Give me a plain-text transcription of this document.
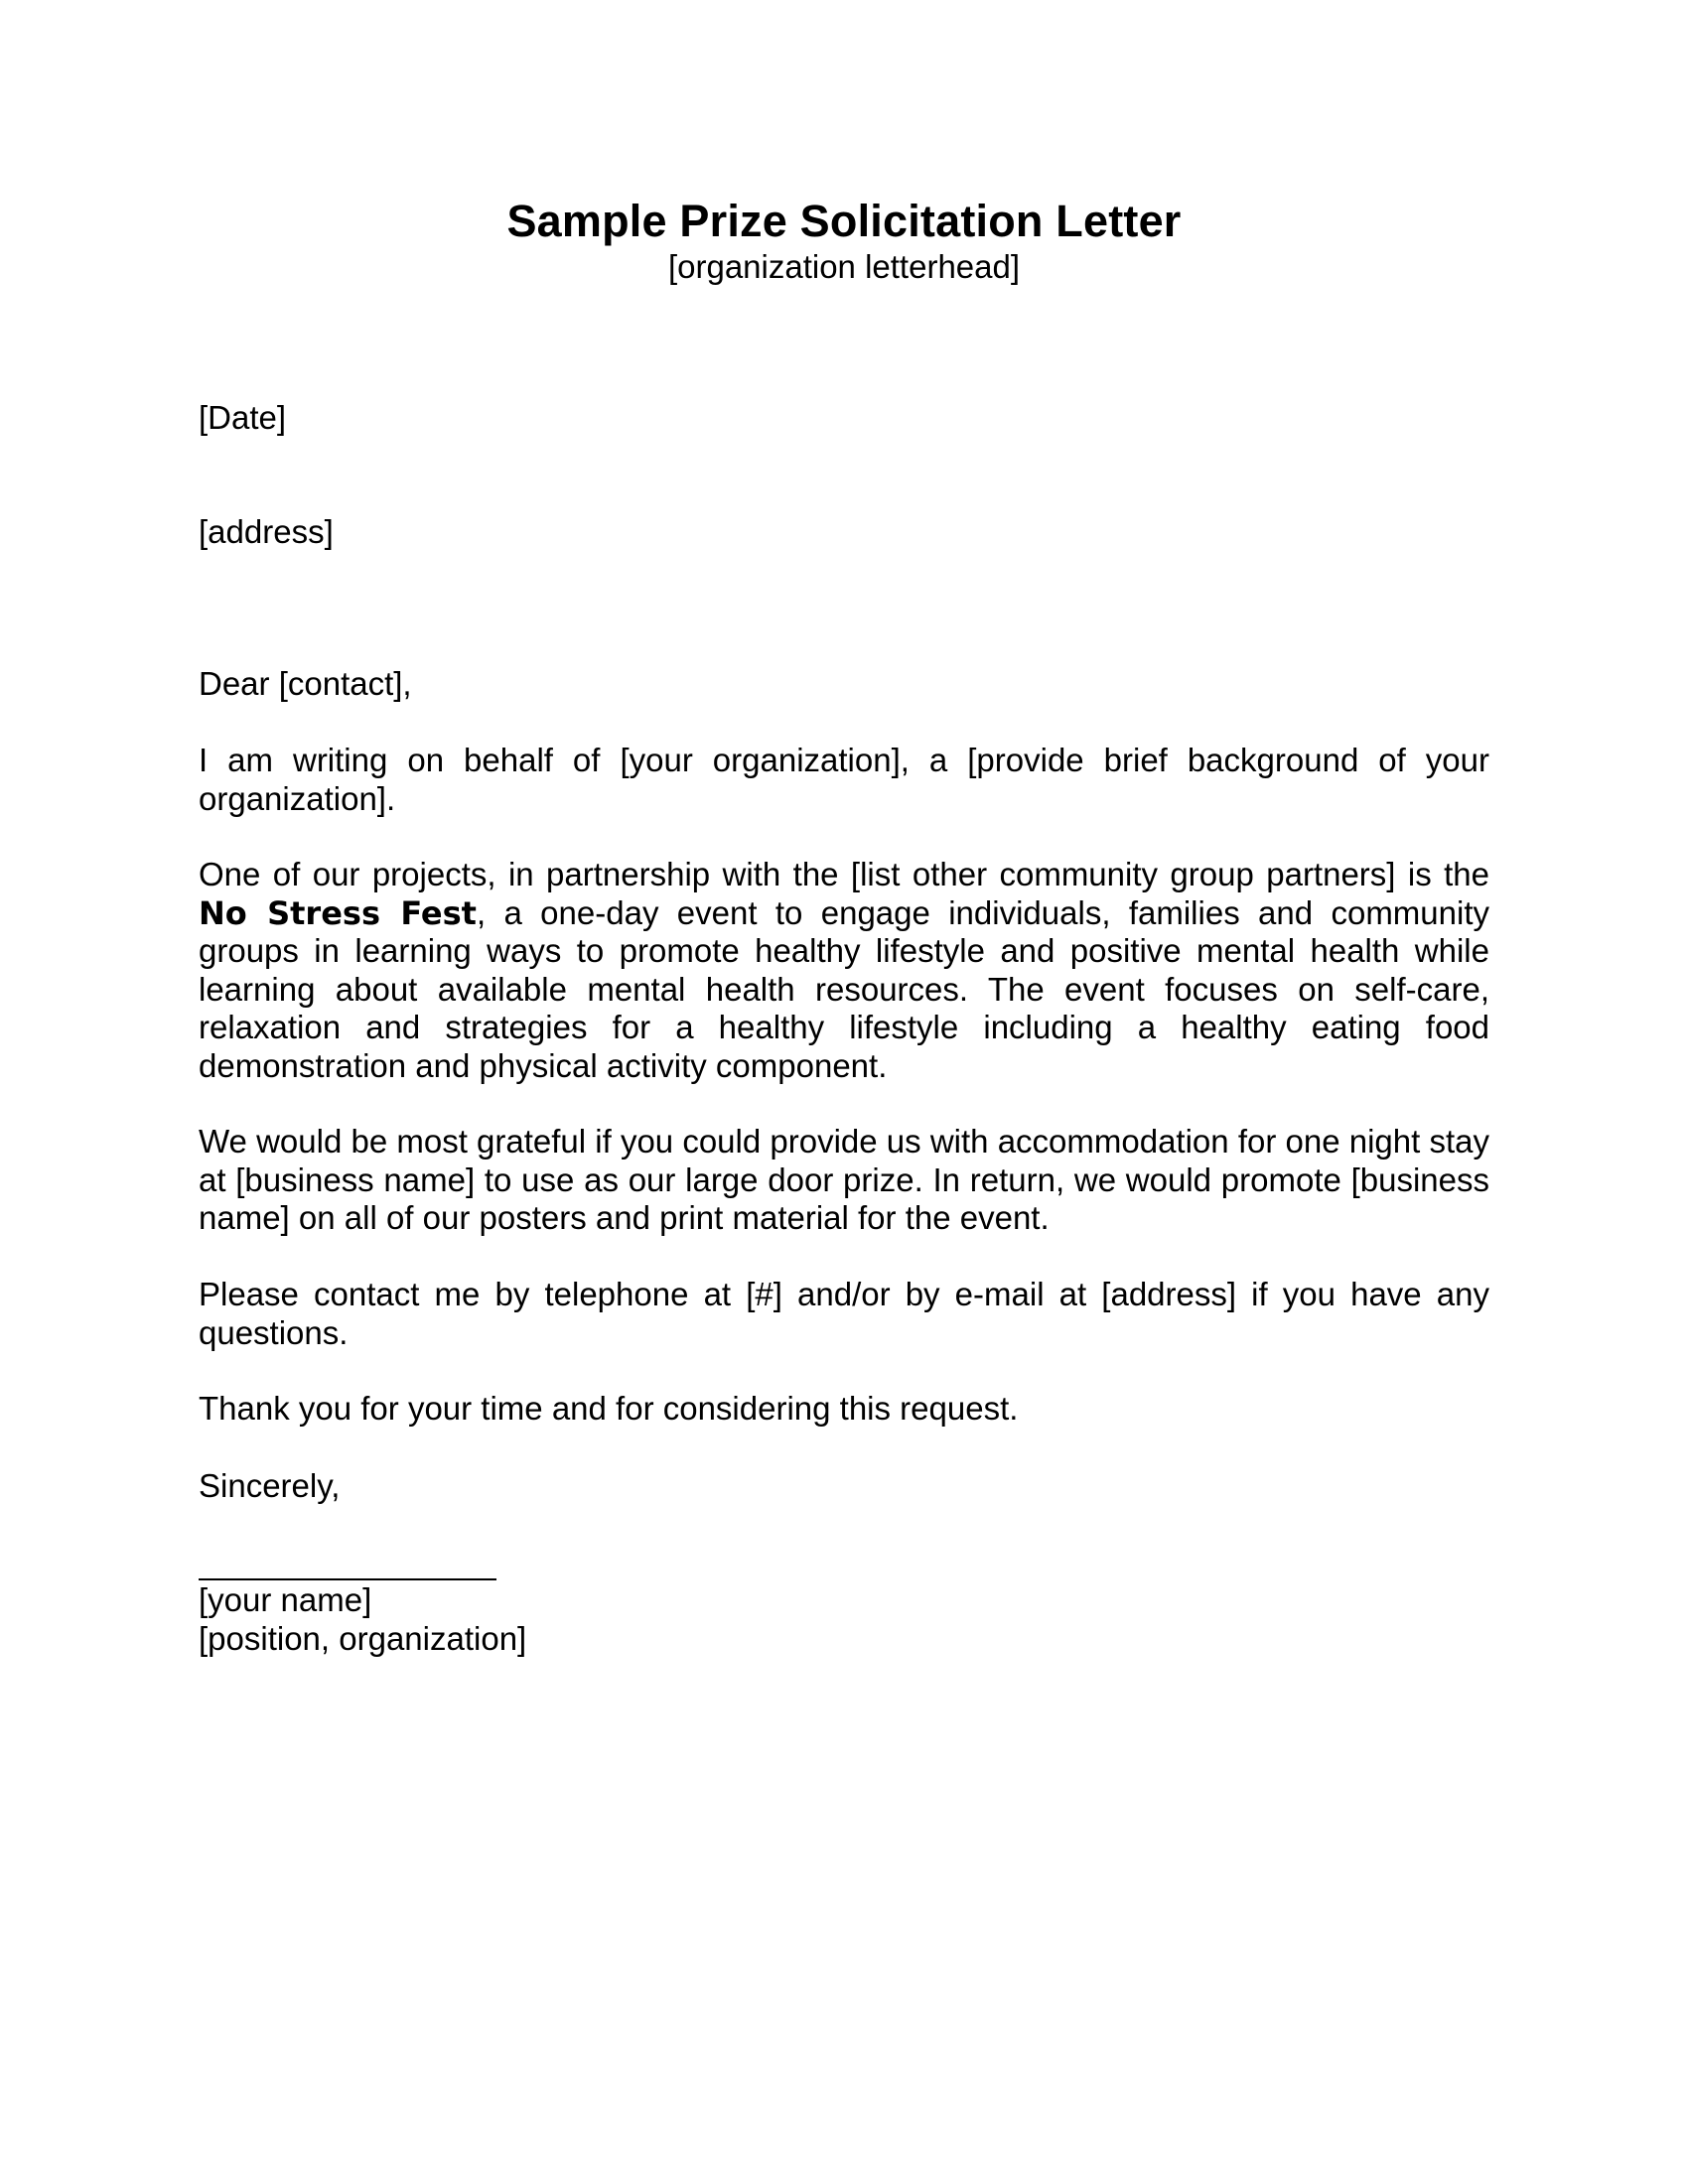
Sample Prize Solicitation Letter
[organization letterhead]

[Date]

[address]

Dear [contact],

I am writing on behalf of [your organization], a [provide brief background of your organization].

One of our projects, in partnership with the [list other community group partners] is the No Stress Fest, a one-day event to engage individuals, families and community groups in learning ways to promote healthy lifestyle and positive mental health while learning about available mental health resources. The event focuses on self-care, relaxation and strategies for a healthy lifestyle including a healthy eating food demonstration and physical activity component.

We would be most grateful if you could provide us with accommodation for one night stay at [business name] to use as our large door prize. In return, we would promote [business name] on all of our posters and print material for the event.

Please contact me by telephone at [#] and/or by e-mail at [address] if you have any questions.

Thank you for your time and for considering this request.

Sincerely,

[your name]

[position, organization]
